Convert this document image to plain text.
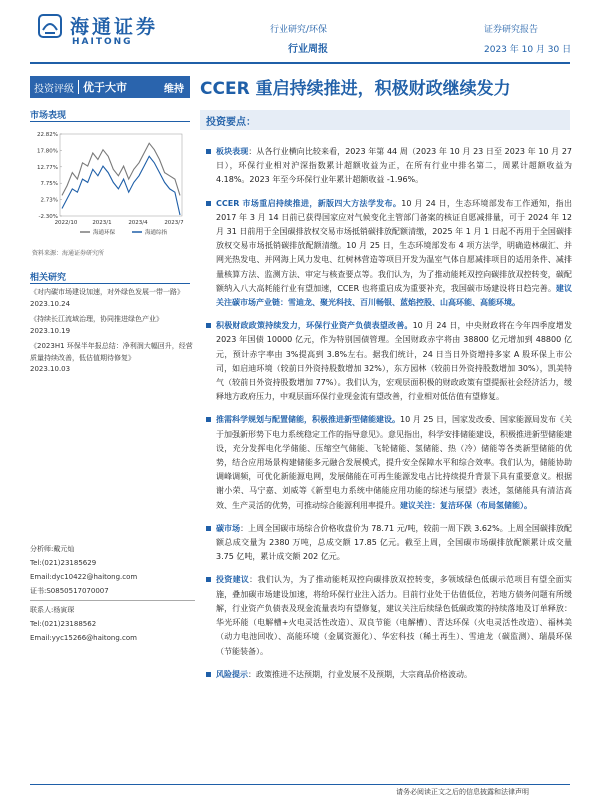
海通证券
HAITONG
行业研究/环保
行业周报
证券研究报告
2023 年 10 月 30 日
投资评级 优于大市	维持 CCER 重启持续推进，积极财政继续发力
市场表现
22.82%
17.80%
12.77%
7.75%
2.73%
-2.30%
2022/10	2023/1	2023/4	2023/7
海通环保	海通综指
资料来源：海通证券研究所
相关研究
《对内碳市场建设加速，对外绿色发展一带一路》
2023.10.24
《持续长江流域治理，协同推进绿色产业》
2023.10.19
《2023H1 环保半年报总结：净利润大幅回升，经营质量持续改善，低估值期待修复》
2023.10.03
分析师:戴元灿
Tel:(021)23185629
Email:dyc10422@haitong.com
证书:S0850517070007
联系人:杨寅琛
Tel:(021)23188562
Email:yyc15266@haitong.com
投资要点：
板块表现：从各行业横向比较来看，2023 年第 44 周（2023 年 10 月 23 日至 2023 年 10 月 27 日），环保行业相对沪深指数累计超额收益为正，在所有行业中排名第二，周累计超额收益为 4.18%。2023 年至今环保行业年累计超额收益 -1.96%。
CCER 市场重启持续推进，新版四大方法学发布。10 月 24 日，生态环境部发布工作通知，指出 2017 年 3 月 14 日前已获得国家应对气候变化主管部门备案的核证自愿减排量，可于 2024 年 12 月 31 日前用于全国碳排放权交易市场抵销碳排放配额清缴，2025 年 1 月 1 日起不再用于全国碳排放权交易市场抵销碳排放配额清缴。10 月 25 日，生态环境部发布 4 项方法学，明确造林碳汇、并网光热发电、并网海上风力发电、红树林营造等项目开发为温室气体自愿减排项目的适用条件、减排量核算方法、监测方法、审定与核查要点等。我们认为，为了推动能耗双控向碳排放双控转变，碳配额纳入八大高耗能行业有望加速，CCER 也将重启成为重要补充，我国碳市场建设将日趋完善。建议关注碳市场产业链：雪迪龙、聚光科技、百川畅银、蓝焰控股、山高环能、高能环境。
积极财政政策持续发力，环保行业资产负债表望改善。10 月 24 日，中央财政将在今年四季度增发 2023 年国债 10000 亿元，作为特别国债管理。全国财政赤字将由 38800 亿元增加到 48800 亿元，预计赤字率由 3%提高到 3.8%左右。据我们统计，24 日当日外资增持多家 A 股环保上市公司，如启迪环境（较前日外资持股数增加 32%），东方园林（较前日外资持股数增加 30%），凯美特气（较前日外资持股数增加 77%）。我们认为，宏观层面积极的财政政策有望提振社会经济活力，缓释地方政府压力，中观层面环保行业现金流有望改善，行业相对低估值有望修复。
推需科学规划与配置储能，积极推进新型储能建设。10 月 25 日，国家发改委、国家能源局发布《关于加强新形势下电力系统稳定工作的指导意见》。意见指出，科学安排储能建设，积极推进新型储能建设，充分发挥电化学储能、压缩空气储能、飞轮储能、氢储能、热（冷）储能等各类新型储能的优势，结合应用场景构建储能多元融合发展模式，提升安全保障水平和综合效率。我们认为，储能协助调峰调频，可优化新能源电网，发展储能在可再生能源发电占比持续提升背景下具有重要意义。根据谢小荣、马宁嘉、刘威等《新型电力系统中储能应用功能的综述与展望》表述，氢储能具有清洁高效、生产灵活的优势，可推动综合能源利用率提升。建议关注：复洁环保（布局氢储能）。
碳市场：上周全国碳市场综合价格收盘价为 78.71 元/吨，较前一周下跌 3.62%。上周全国碳排放配额总成交量为 2380 万吨，总成交额 17.85 亿元。截至上周，全国碳市场碳排放配额累计成交量 3.75 亿吨，累计成交额 202 亿元。
投资建议：我们认为，为了推动能耗双控向碳排放双控转变，多领域绿色低碳示范项目有望全面实施，叠加碳市场建设加速，将给环保行业注入活力。目前行业处于估值低位，若地方债务问题有所缓解，行业资产负债表及现金流量表均有望修复，建议关注后续绿色低碳政策的持续落地及订单释放：华光环能（电解槽+火电灵活性改造）、双良节能（电解槽）、青达环保（火电灵活性改造）、福林美（动力电池回收）、高能环境（金属资源化）、华宏科技（稀土再生）、雪迪龙（碳监测）、瑞晨环保（节能装备）。
风险提示：政策推进不达预期，行业发展不及预期，大宗商品价格波动。
请务必阅读正文之后的信息披露和法律声明
